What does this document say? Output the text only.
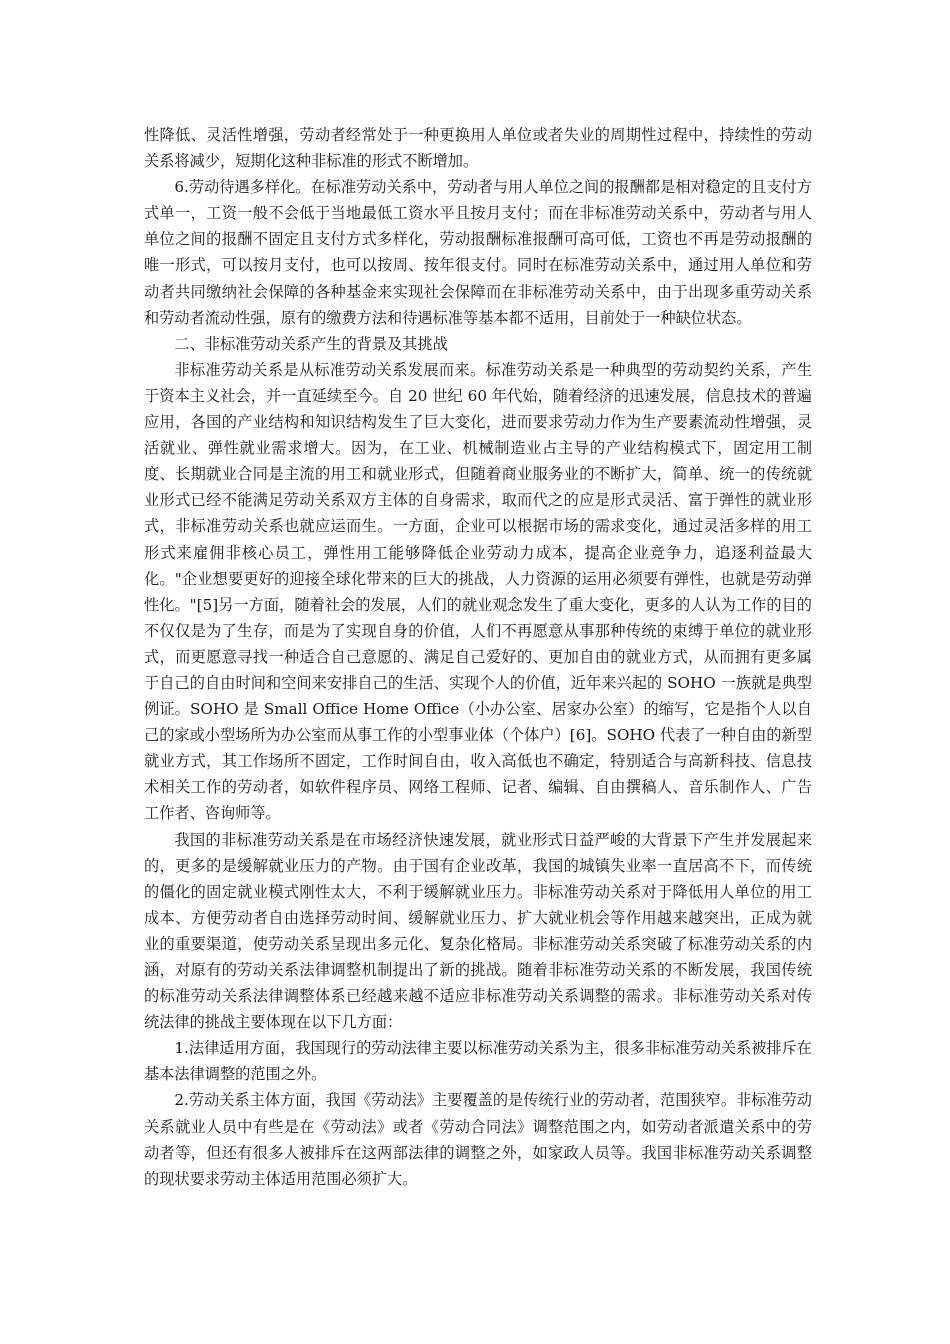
性降低、灵活性增强，劳动者经常处于一种更换用人单位或者失业的周期性过程中，持续性的劳动关系将减少，短期化这种非标准的形式不断增加。

6.劳动待遇多样化。在标准劳动关系中，劳动者与用人单位之间的报酬都是相对稳定的且支付方式单一，工资一般不会低于当地最低工资水平且按月支付；而在非标准劳动关系中，劳动者与用人单位之间的报酬不固定且支付方式多样化，劳动报酬标准报酬可高可低，工资也不再是劳动报酬的唯一形式，可以按月支付，也可以按周、按年很支付。同时在标准劳动关系中，通过用人单位和劳动者共同缴纳社会保障的各种基金来实现社会保障而在非标准劳动关系中，由于出现多重劳动关系和劳动者流动性强，原有的缴费方法和待遇标准等基本都不适用，目前处于一种缺位状态。

二、非标准劳动关系产生的背景及其挑战

非标准劳动关系是从标准劳动关系发展而来。标准劳动关系是一种典型的劳动契约关系，产生于资本主义社会，并一直延续至今。自 20 世纪 60 年代始，随着经济的迅速发展，信息技术的普遍应用，各国的产业结构和知识结构发生了巨大变化，进而要求劳动力作为生产要素流动性增强，灵活就业、弹性就业需求增大。因为，在工业、机械制造业占主导的产业结构模式下，固定用工制度、长期就业合同是主流的用工和就业形式，但随着商业服务业的不断扩大，简单、统一的传统就业形式已经不能满足劳动关系双方主体的自身需求，取而代之的应是形式灵活、富于弹性的就业形式，非标准劳动关系也就应运而生。一方面，企业可以根据市场的需求变化，通过灵活多样的用工形式来雇佣非核心员工，弹性用工能够降低企业劳动力成本，提高企业竞争力，追逐利益最大化。"企业想要更好的迎接全球化带来的巨大的挑战，人力资源的运用必须要有弹性，也就是劳动弹性化。"[5]另一方面，随着社会的发展，人们的就业观念发生了重大变化，更多的人认为工作的目的不仅仅是为了生存，而是为了实现自身的价值，人们不再愿意从事那种传统的束缚于单位的就业形式，而更愿意寻找一种适合自己意愿的、满足自己爱好的、更加自由的就业方式，从而拥有更多属于自己的自由时间和空间来安排自己的生活、实现个人的价值，近年来兴起的 SOHO 一族就是典型例证。SOHO 是 Small Office Home Office（小办公室、居家办公室）的缩写，它是指个人以自己的家或小型场所为办公室而从事工作的小型事业体（个体户）[6]。SOHO 代表了一种自由的新型就业方式，其工作场所不固定，工作时间自由，收入高低也不确定，特别适合与高新科技、信息技术相关工作的劳动者，如软件程序员、网络工程师、记者、编辑、自由撰稿人、音乐制作人、广告工作者、咨询师等。

我国的非标准劳动关系是在市场经济快速发展，就业形式日益严峻的大背景下产生并发展起来的，更多的是缓解就业压力的产物。由于国有企业改革，我国的城镇失业率一直居高不下，而传统的僵化的固定就业模式刚性太大，不利于缓解就业压力。非标准劳动关系对于降低用人单位的用工成本、方便劳动者自由选择劳动时间、缓解就业压力、扩大就业机会等作用越来越突出，正成为就业的重要渠道，使劳动关系呈现出多元化、复杂化格局。非标准劳动关系突破了标准劳动关系的内涵，对原有的劳动关系法律调整机制提出了新的挑战。随着非标准劳动关系的不断发展，我国传统的标准劳动关系法律调整体系已经越来越不适应非标准劳动关系调整的需求。非标准劳动关系对传统法律的挑战主要体现在以下几方面：

1.法律适用方面，我国现行的劳动法律主要以标准劳动关系为主，很多非标准劳动关系被排斥在基本法律调整的范围之外。

2.劳动关系主体方面，我国《劳动法》主要覆盖的是传统行业的劳动者，范围狭窄。非标准劳动关系就业人员中有些是在《劳动法》或者《劳动合同法》调整范围之内，如劳动者派遣关系中的劳动者等，但还有很多人被排斥在这两部法律的调整之外，如家政人员等。我国非标准劳动关系调整的现状要求劳动主体适用范围必须扩大。
